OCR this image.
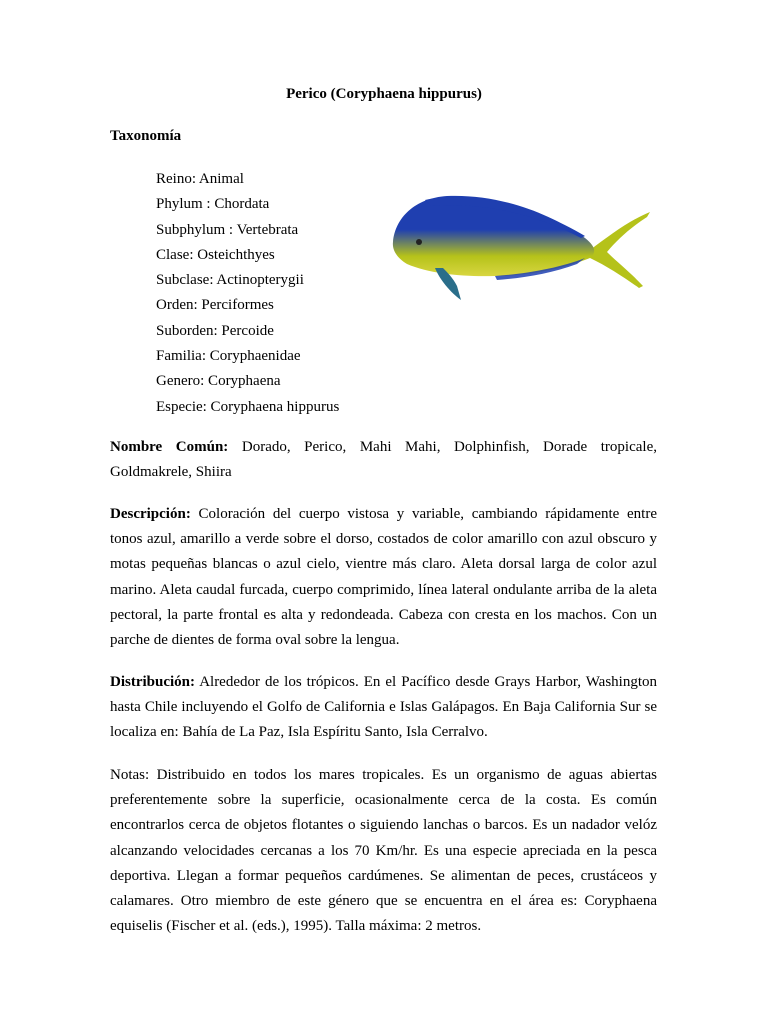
Perico (Coryphaena hippurus)
Taxonomía
Reino: Animal
Phylum : Chordata
Subphylum : Vertebrata
Clase: Osteichthyes
Subclase: Actinopterygii
Orden: Perciformes
Suborden: Percoide
Familia: Coryphaenidae
Genero: Coryphaena
Especie: Coryphaena hippurus

Nombre Común: Dorado, Perico, Mahi Mahi, Dolphinfish, Dorade tropicale, Goldmakrele, Shiira

Descripción: Coloración del cuerpo vistosa y variable, cambiando rápidamente entre tonos azul, amarillo a verde sobre el dorso, costados de color amarillo con azul obscuro y motas pequeñas blancas o azul cielo, vientre más claro. Aleta dorsal larga de color azul marino. Aleta caudal furcada, cuerpo comprimido, línea lateral ondulante arriba de la aleta pectoral, la parte frontal es alta y redondeada. Cabeza con cresta en los machos. Con un parche de dientes de forma oval sobre la lengua.

Distribución: Alrededor de los trópicos. En el Pacífico desde Grays Harbor, Washington hasta Chile incluyendo el Golfo de California e Islas Galápagos. En Baja California Sur se localiza en: Bahía de La Paz, Isla Espíritu Santo, Isla Cerralvo.

Notas: Distribuido en todos los mares tropicales. Es un organismo de aguas abiertas preferentemente sobre la superficie, ocasionalmente cerca de la costa. Es común encontrarlos cerca de objetos flotantes o siguiendo lanchas o barcos. Es un nadador velóz alcanzando velocidades cercanas a los 70 Km/hr. Es una especie apreciada en la pesca deportiva. Llegan a formar pequeños cardúmenes. Se alimentan de peces, crustáceos y calamares. Otro miembro de este género que se encuentra en el área es: Coryphaena equiselis (Fischer et al. (eds.), 1995). Talla máxima: 2 metros.
